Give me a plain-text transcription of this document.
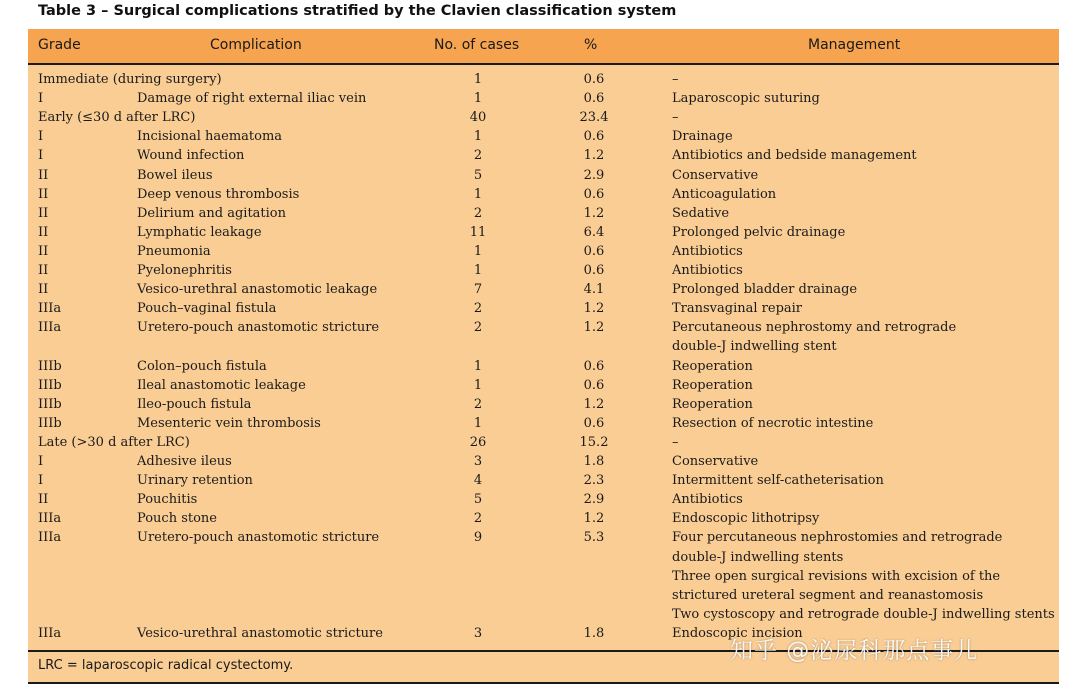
Table 3 – Surgical complications stratified by the Clavien classification system
Grade	Complication	No. of cases	%	Management
Immediate (during surgery)	1	0.6	–
I	Damage of right external iliac vein	1	0.6	Laparoscopic suturing
Early (≤30 d after LRC)	40	23.4	–
I	Incisional haematoma	1	0.6	Drainage
I	Wound infection	2	1.2	Antibiotics and bedside management
II	Bowel ileus	5	2.9	Conservative
II	Deep venous thrombosis	1	0.6	Anticoagulation
II	Delirium and agitation	2	1.2	Sedative
II	Lymphatic leakage	11	6.4	Prolonged pelvic drainage
II	Pneumonia	1	0.6	Antibiotics
II	Pyelonephritis	1	0.6	Antibiotics
II	Vesico-urethral anastomotic leakage	7	4.1	Prolonged bladder drainage
IIIa	Pouch–vaginal fistula	2	1.2	Transvaginal repair
IIIa	Uretero-pouch anastomotic stricture	2	1.2	Percutaneous nephrostomy and retrograde
double-J indwelling stent
IIIb	Colon–pouch fistula	1	0.6	Reoperation
IIIb	Ileal anastomotic leakage	1	0.6	Reoperation
IIIb	Ileo-pouch fistula	2	1.2	Reoperation
IIIb	Mesenteric vein thrombosis	1	0.6	Resection of necrotic intestine
Late (>30 d after LRC)	26	15.2	–
I	Adhesive ileus	3	1.8	Conservative
I	Urinary retention	4	2.3	Intermittent self-catheterisation
II	Pouchitis	5	2.9	Antibiotics
IIIa	Pouch stone	2	1.2	Endoscopic lithotripsy
IIIa	Uretero-pouch anastomotic stricture	9	5.3	Four percutaneous nephrostomies and retrograde
double-J indwelling stents
Three open surgical revisions with excision of the
strictured ureteral segment and reanastomosis
Two cystoscopy and retrograde double-J indwelling stents
IIIa	Vesico-urethral anastomotic stricture	3	1.8	Endoscopic incision
LRC = laparoscopic radical cystectomy.
知乎 @泌尿科那点事儿
